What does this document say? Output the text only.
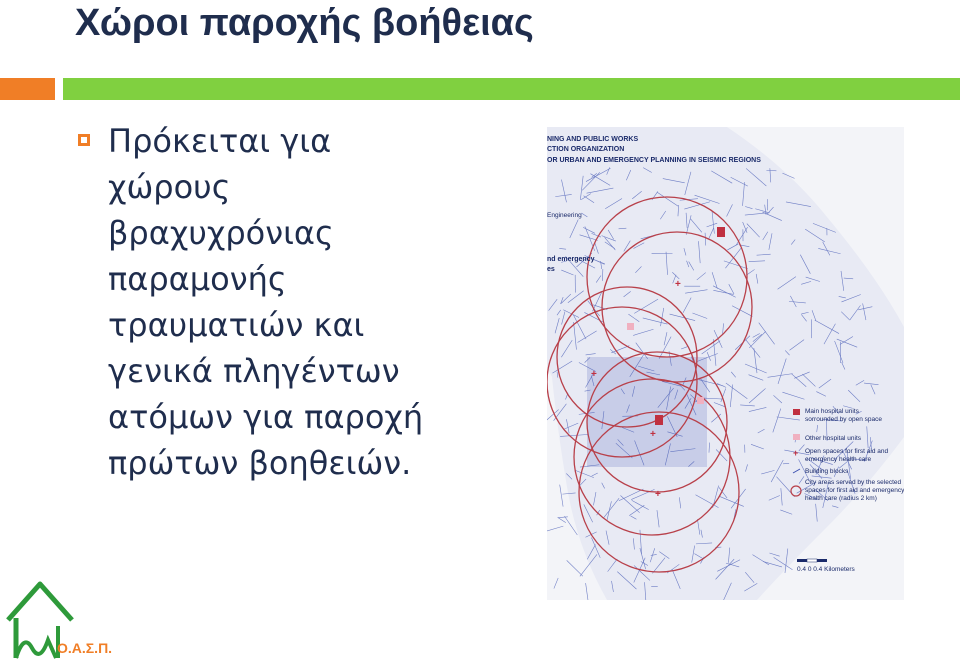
Χώροι παροχής βοήθειας
Πρόκειται για
χώρους
βραχυχρόνιας
παραμονής
τραυματιών και
γενικά πληγέντων
ατόμων για παροχή
πρώτων βοηθειών.
+
+
+
+
NING AND PUBLIC WORKS
CTION ORGANIZATION
OR URBAN AND EMERGENCY PLANNING IN SEISMIC REGIONS
Engineering
nd emergency
es
Main hospital units
sorrounded by open space
Other hospital units
+ Open spaces for first aid and
emergency health care
Building blocks
City areas served by the selected
spaces for first aid and emergency
health care (radius 2 km)
0.4 0 0.4 Kilometers
Ο.Α.Σ.Π.
